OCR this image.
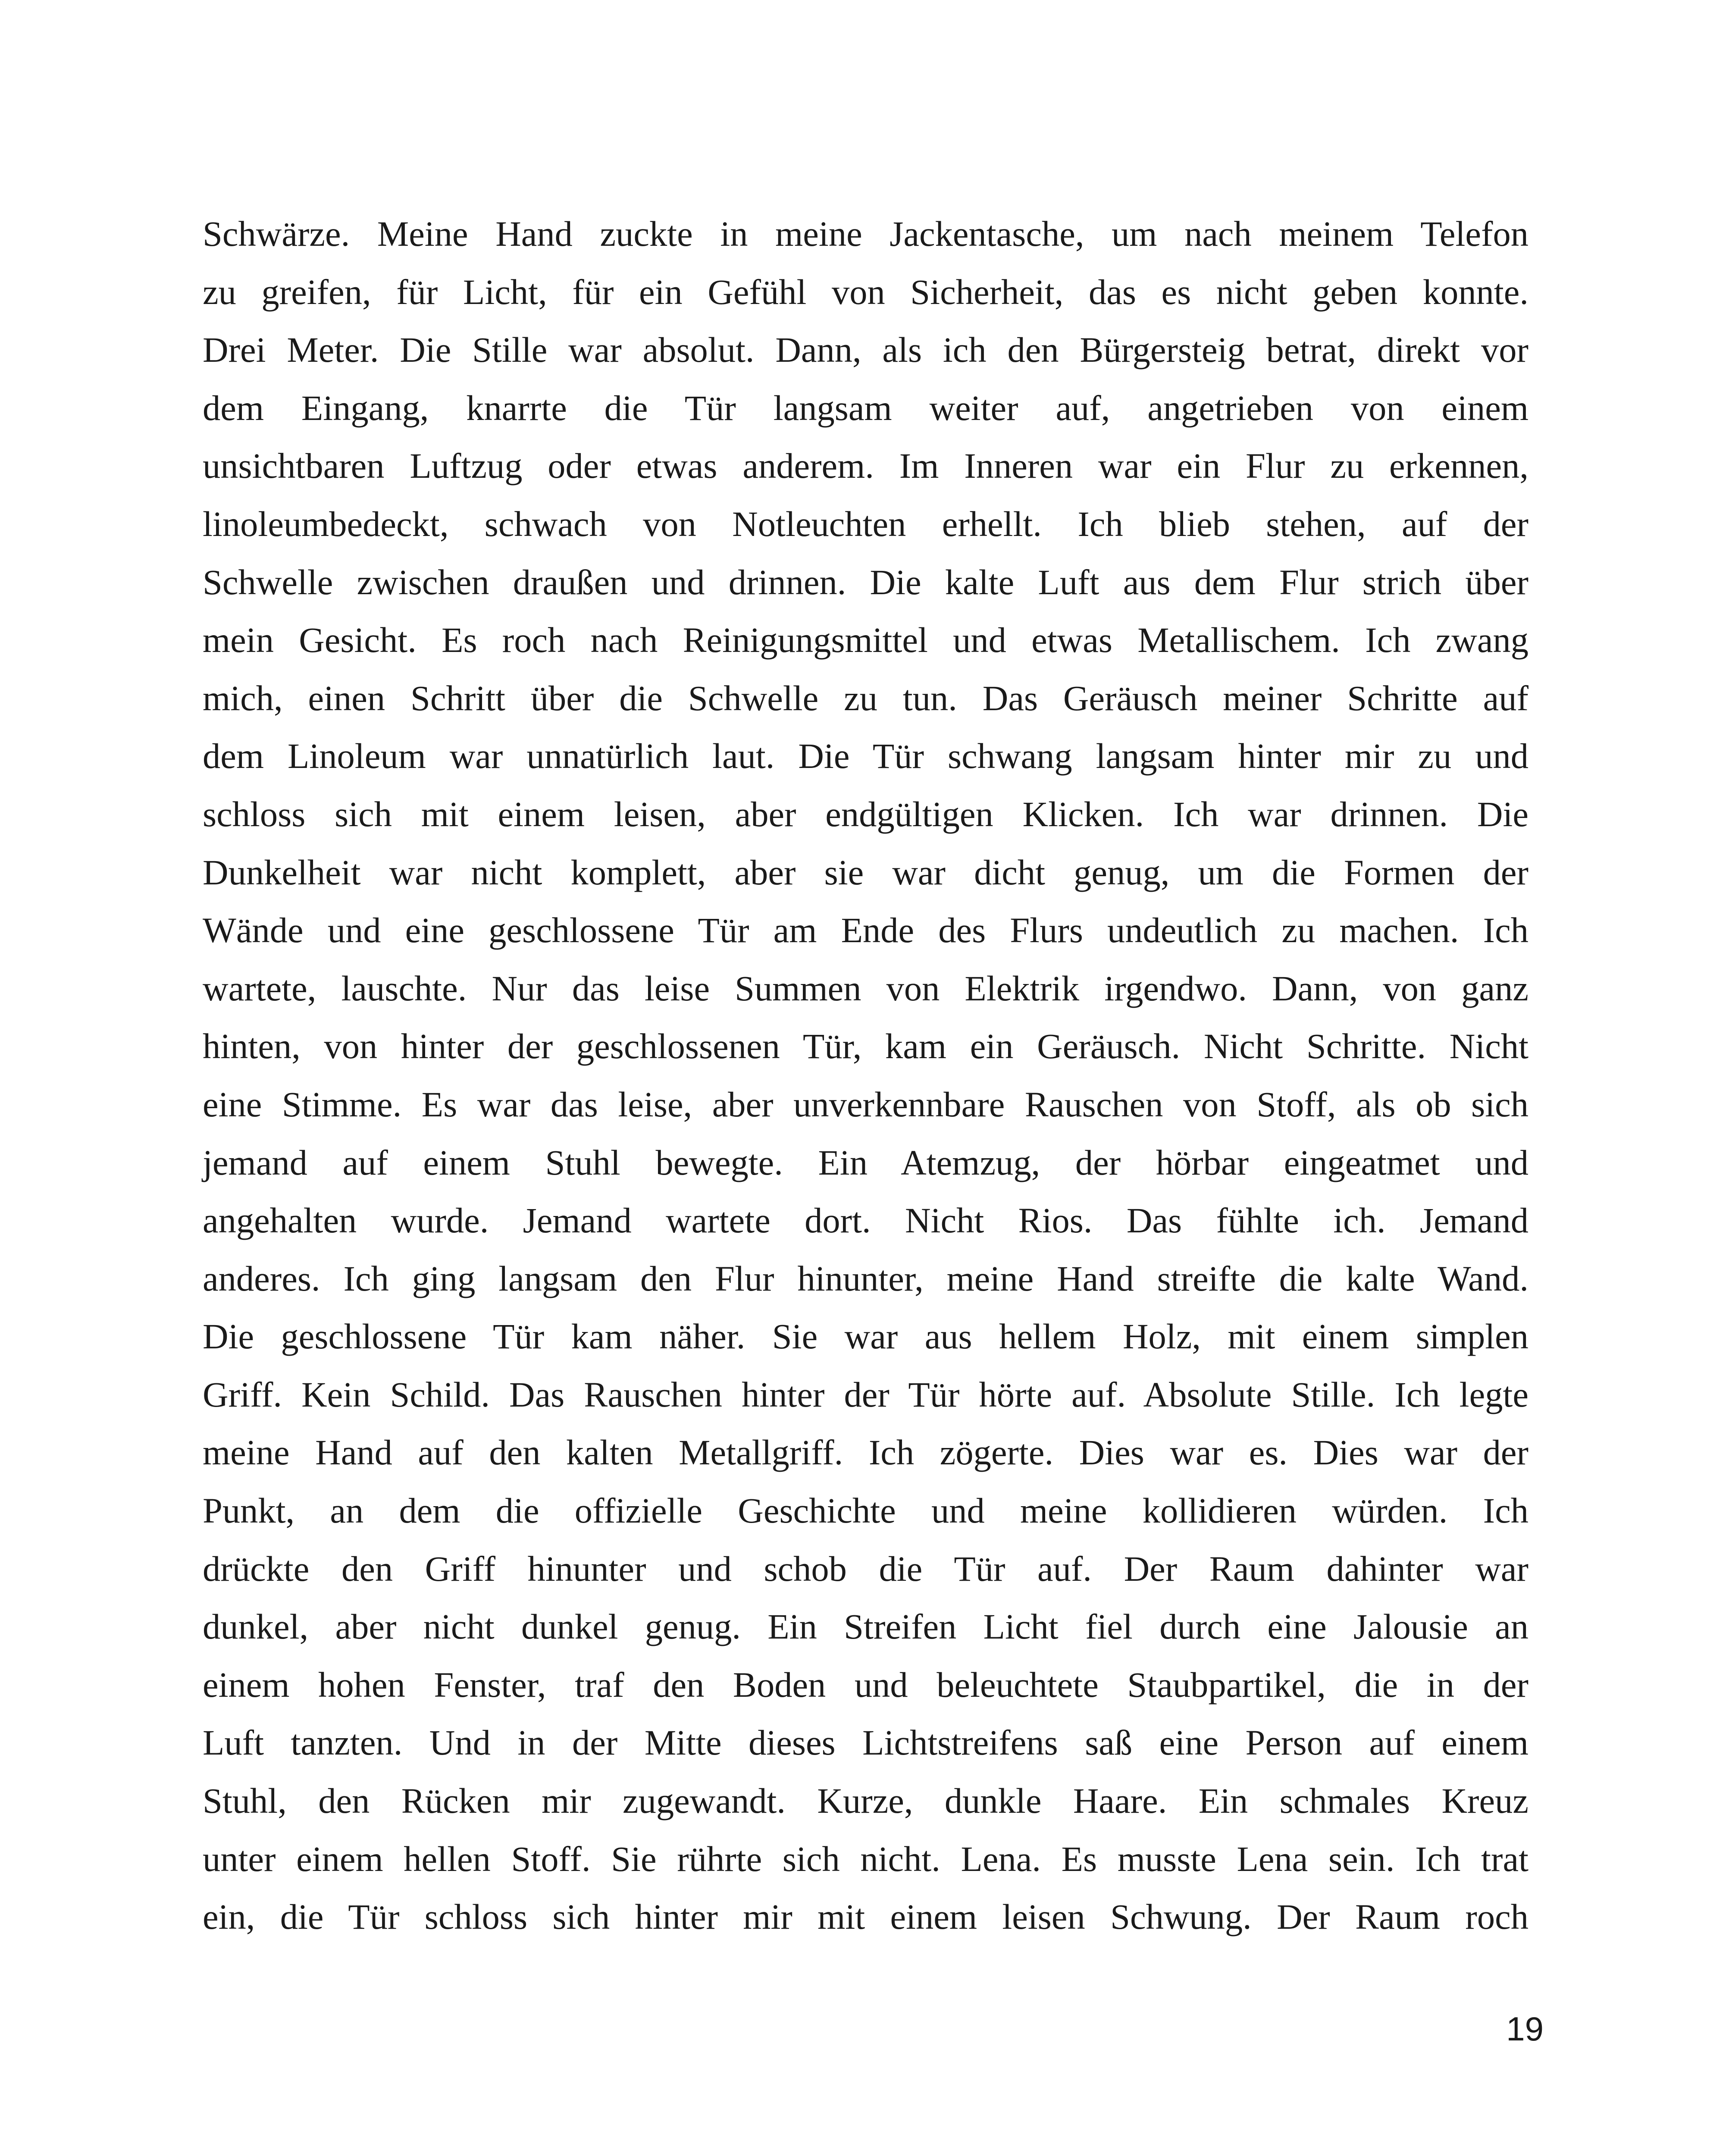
Schwärze. Meine Hand zuckte in meine Jackentasche, um nach meinem Telefon
zu greifen, für Licht, für ein Gefühl von Sicherheit, das es nicht geben konnte.
Drei Meter. Die Stille war absolut. Dann, als ich den Bürgersteig betrat, direkt vor
dem Eingang, knarrte die Tür langsam weiter auf, angetrieben von einem
unsichtbaren Luftzug oder etwas anderem. Im Inneren war ein Flur zu erkennen,
linoleumbedeckt, schwach von Notleuchten erhellt. Ich blieb stehen, auf der
Schwelle zwischen draußen und drinnen. Die kalte Luft aus dem Flur strich über
mein Gesicht. Es roch nach Reinigungsmittel und etwas Metallischem. Ich zwang
mich, einen Schritt über die Schwelle zu tun. Das Geräusch meiner Schritte auf
dem Linoleum war unnatürlich laut. Die Tür schwang langsam hinter mir zu und
schloss sich mit einem leisen, aber endgültigen Klicken. Ich war drinnen. Die
Dunkelheit war nicht komplett, aber sie war dicht genug, um die Formen der
Wände und eine geschlossene Tür am Ende des Flurs undeutlich zu machen. Ich
wartete, lauschte. Nur das leise Summen von Elektrik irgendwo. Dann, von ganz
hinten, von hinter der geschlossenen Tür, kam ein Geräusch. Nicht Schritte. Nicht
eine Stimme. Es war das leise, aber unverkennbare Rauschen von Stoff, als ob sich
jemand auf einem Stuhl bewegte. Ein Atemzug, der hörbar eingeatmet und
angehalten wurde. Jemand wartete dort. Nicht Rios. Das fühlte ich. Jemand
anderes. Ich ging langsam den Flur hinunter, meine Hand streifte die kalte Wand.
Die geschlossene Tür kam näher. Sie war aus hellem Holz, mit einem simplen
Griff. Kein Schild. Das Rauschen hinter der Tür hörte auf. Absolute Stille. Ich legte
meine Hand auf den kalten Metallgriff. Ich zögerte. Dies war es. Dies war der
Punkt, an dem die offizielle Geschichte und meine kollidieren würden. Ich
drückte den Griff hinunter und schob die Tür auf. Der Raum dahinter war
dunkel, aber nicht dunkel genug. Ein Streifen Licht fiel durch eine Jalousie an
einem hohen Fenster, traf den Boden und beleuchtete Staubpartikel, die in der
Luft tanzten. Und in der Mitte dieses Lichtstreifens saß eine Person auf einem
Stuhl, den Rücken mir zugewandt. Kurze, dunkle Haare. Ein schmales Kreuz
unter einem hellen Stoff. Sie rührte sich nicht. Lena. Es musste Lena sein. Ich trat
ein, die Tür schloss sich hinter mir mit einem leisen Schwung. Der Raum roch
19
